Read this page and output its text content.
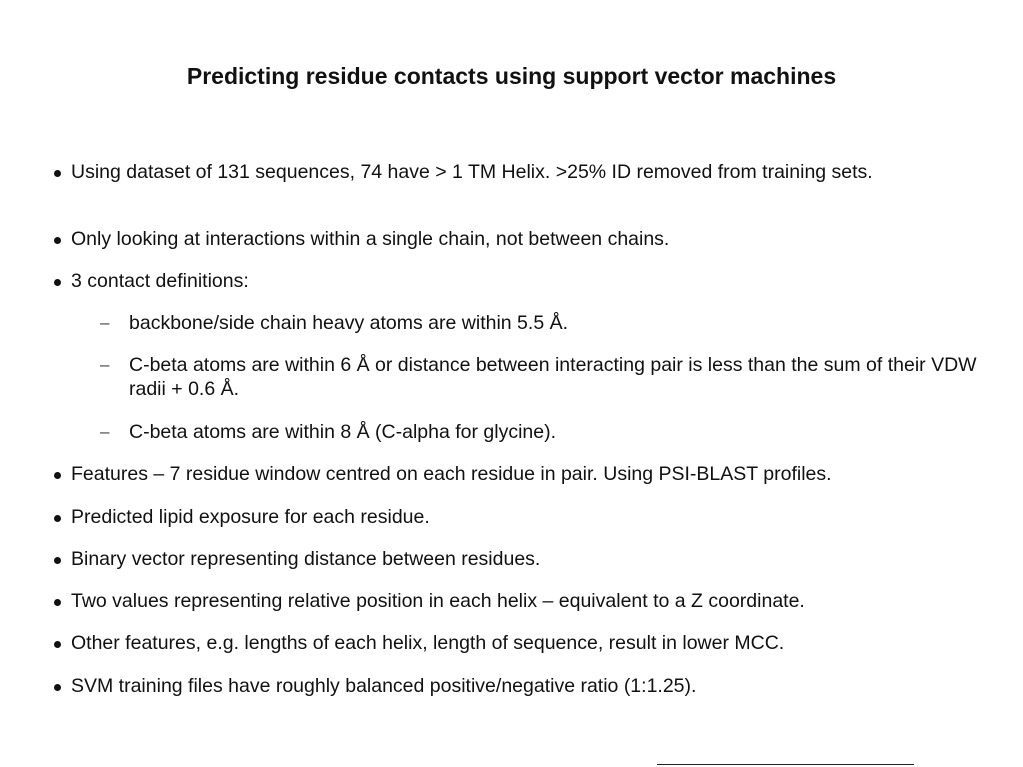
Predicting residue contacts using support vector machines
Using dataset of 131 sequences, 74 have > 1 TM Helix. >25% ID removed from training sets.
Only looking at interactions within a single chain, not between chains.
3 contact definitions:
– backbone/side chain heavy atoms are within 5.5 Å.
– C-beta atoms are within 6 Å or distance between interacting pair is less than the sum of their VDW radii + 0.6 Å.
– C-beta atoms are within 8 Å (C-alpha for glycine).
Features – 7 residue window centred on each residue in pair. Using PSI-BLAST profiles.
Predicted lipid exposure for each residue.
Binary vector representing distance between residues.
Two values representing relative position in each helix – equivalent to a Z coordinate.
Other features, e.g. lengths of each helix, length of sequence, result in lower MCC.
SVM training files have roughly balanced positive/negative ratio (1:1.25).
